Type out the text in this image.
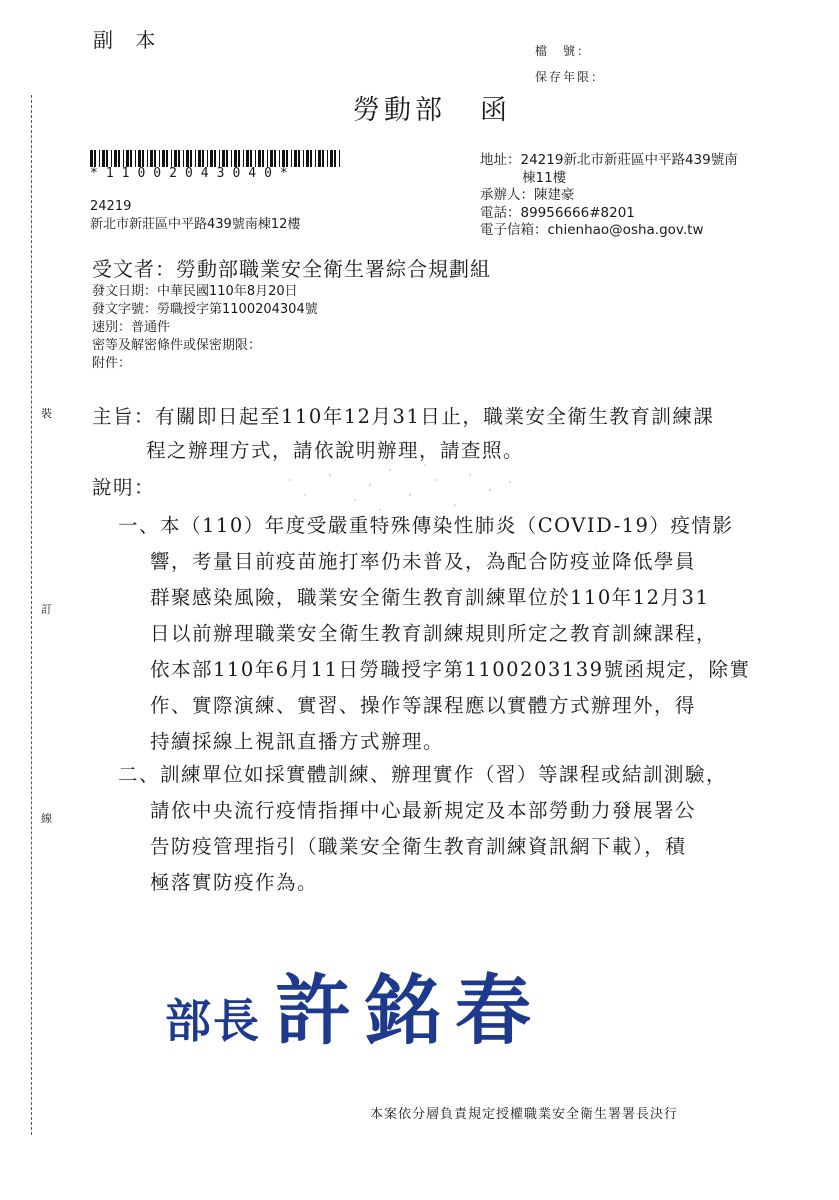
裝
訂
線
副 本	檔　號：
保存年限：
勞動部 函
*11002043040*
24219
新北市新莊區中平路439號南棟12樓
地址：24219新北市新莊區中平路439號南
棟11樓
承辦人：陳建豪
電話：89956666#8201
電子信箱：chienhao@osha.gov.tw
受文者：勞動部職業安全衛生署綜合規劃組
發文日期：中華民國110年8月20日
發文字號：勞職授字第1100204304號
速別：普通件
密等及解密條件或保密期限：
附件：
主旨：有關即日起至110年12月31日止，職業安全衛生教育訓練課
程之辦理方式，請依說明辦理，請查照。
說明：
一、本（110）年度受嚴重特殊傳染性肺炎（COVID-19）疫情影
響，考量目前疫苗施打率仍未普及，為配合防疫並降低學員
群聚感染風險，職業安全衛生教育訓練單位於110年12月31
日以前辦理職業安全衛生教育訓練規則所定之教育訓練課程，
依本部110年6月11日勞職授字第1100203139號函規定，除實
作、實際演練、實習、操作等課程應以實體方式辦理外，得
持續採線上視訊直播方式辦理。
二、訓練單位如採實體訓練、辦理實作（習）等課程或結訓測驗，
請依中央流行疫情指揮中心最新規定及本部勞動力發展署公
告防疫管理指引（職業安全衛生教育訓練資訊網下載），積
極落實防疫作為。
部長 許銘春
本案依分層負責規定授權職業安全衛生署署長決行
